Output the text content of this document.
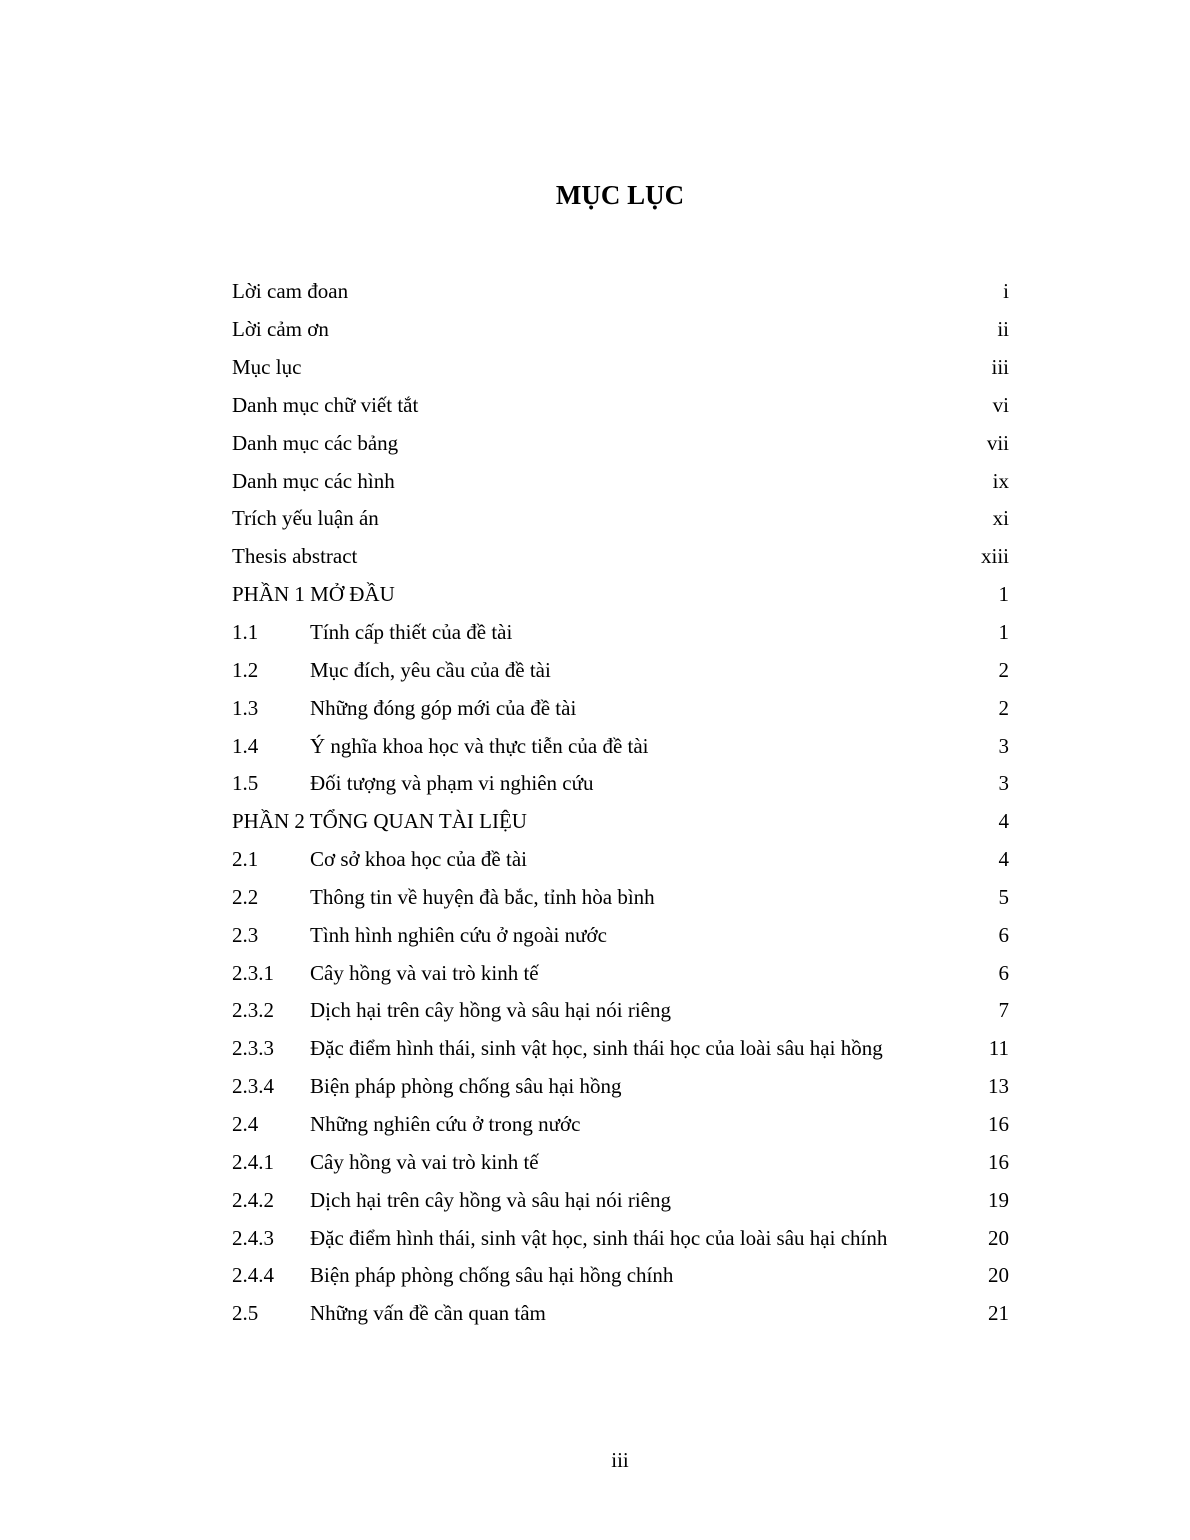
MỤC LỤC
Lời cam đoan	i
Lời cảm ơn	ii
Mục lục	iii
Danh mục chữ viết tắt	vi
Danh mục các bảng	vii
Danh mục các hình	ix
Trích yếu luận án	xi
Thesis abstract	xiii
PHẦN 1 MỞ ĐẦU	1
1.1	Tính cấp thiết của đề tài	1
1.2	Mục đích, yêu cầu của đề tài	2
1.3	Những đóng góp mới của đề tài	2
1.4	Ý nghĩa khoa học và thực tiễn của đề tài	3
1.5	Đối tượng và phạm vi nghiên cứu	3
PHẦN 2 TỔNG QUAN TÀI LIỆU	4
2.1	Cơ sở khoa học của đề tài	4
2.2	Thông tin về huyện đà bắc, tỉnh hòa bình	5
2.3	Tình hình nghiên cứu ở ngoài nước	6
2.3.1	Cây hồng và vai trò kinh tế	6
2.3.2	Dịch hại trên cây hồng và sâu hại nói riêng	7
2.3.3	Đặc điểm hình thái, sinh vật học, sinh thái học của loài sâu hại hồng	11
2.3.4	Biện pháp phòng chống sâu hại hồng	13
2.4	Những nghiên cứu ở trong nước	16
2.4.1	Cây hồng và vai trò kinh tế	16
2.4.2	Dịch hại trên cây hồng và sâu hại nói riêng	19
2.4.3	Đặc điểm hình thái, sinh vật học, sinh thái học của loài sâu hại chính	20
2.4.4	Biện pháp phòng chống sâu hại hồng chính	20
2.5	Những vấn đề cần quan tâm	21
iii
